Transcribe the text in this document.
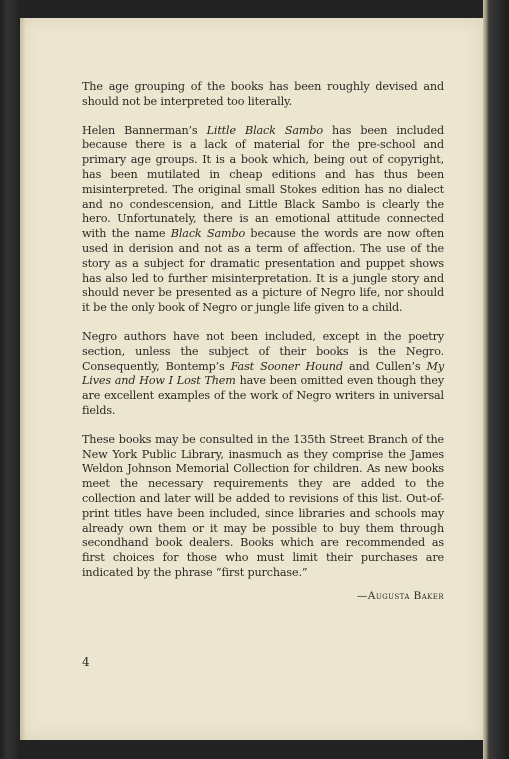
The age grouping of the books has been roughly devised and should not be interpreted too literally.

Helen Bannerman’s Little Black Sambo has been included because there is a lack of material for the pre-school and primary age groups. It is a book which, being out of copyright, has been mutilated in cheap editions and has thus been misinterpreted. The original small Stokes edition has no dialect and no condescension, and Little Black Sambo is clearly the hero. Unfortunately, there is an emotional attitude connected with the name Black Sambo because the words are now often used in derision and not as a term of affection. The use of the story as a subject for dramatic presentation and puppet shows has also led to further misinterpretation. It is a jungle story and should never be presented as a picture of Negro life, nor should it be the only book of Negro or jungle life given to a child.

Negro authors have not been included, except in the poetry section, unless the subject of their books is the Negro. Consequently, Bontemp’s Fast Sooner Hound and Cullen’s My Lives and How I Lost Them have been omitted even though they are excellent examples of the work of Negro writers in universal fields.

These books may be consulted in the 135th Street Branch of the New York Public Library, inasmuch as they comprise the James Weldon Johnson Memorial Collection for children. As new books meet the necessary requirements they are added to the collection and later will be added to revisions of this list. Out-of-print titles have been included, since libraries and schools may already own them or it may be possible to buy them through secondhand book dealers. Books which are recommended as first choices for those who must limit their purchases are indicated by the phrase “first purchase.”

—Augusta Baker
4
